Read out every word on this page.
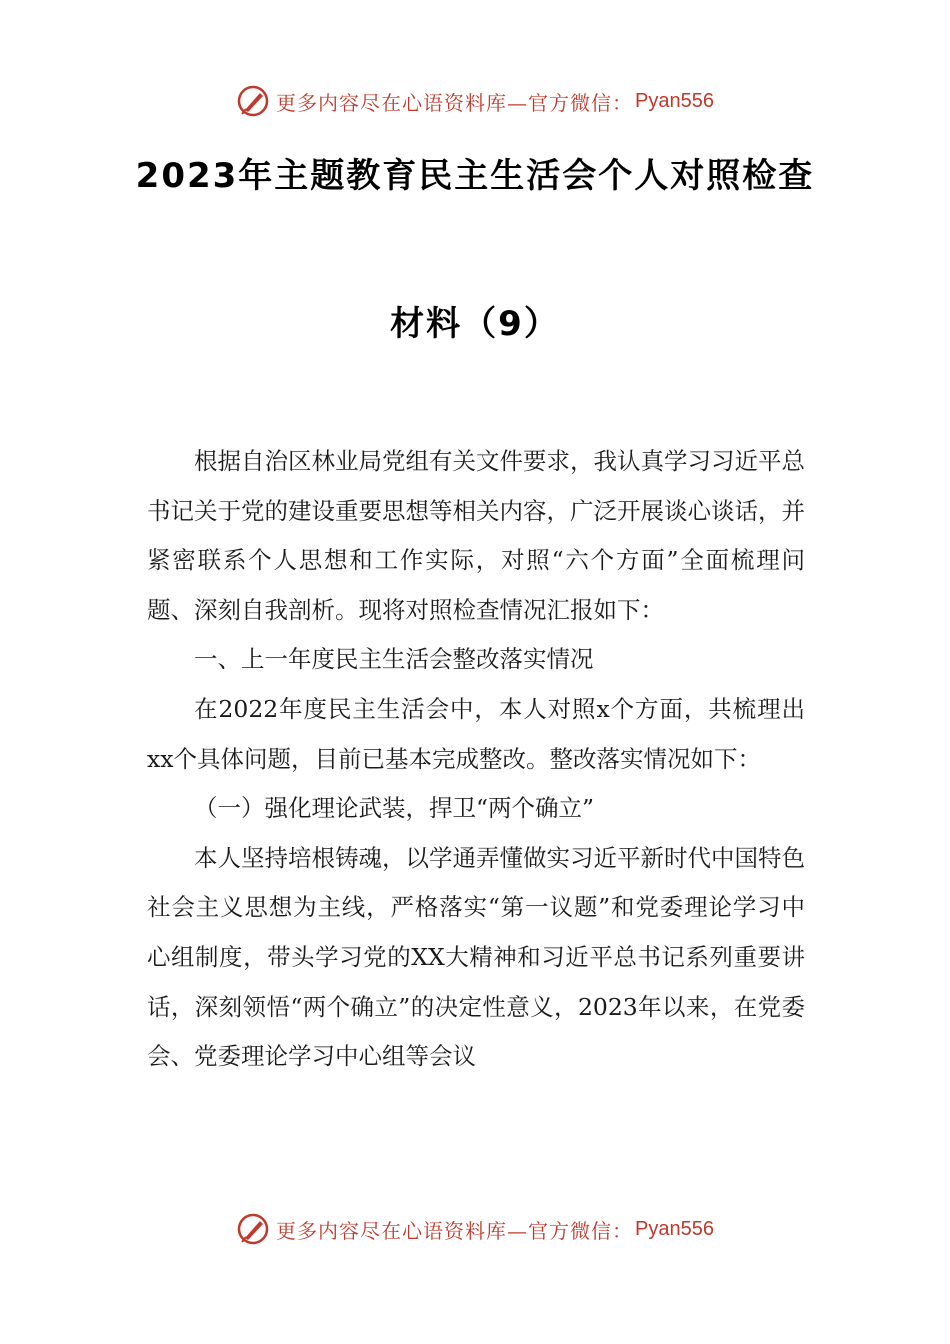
更多内容尽在心语资料库—官方微信： Pyan556
2023年主题教育民主生活会个人对照检查
材料（9）

根据自治区林业局党组有关文件要求，我认真学习习近平总书记关于党的建设重要思想等相关内容，广泛开展谈心谈话，并紧密联系个人思想和工作实际，对照“六个方面”全面梳理问题、深刻自我剖析。现将对照检查情况汇报如下：

一、上一年度民主生活会整改落实情况

在2022年度民主生活会中，本人对照x个方面，共梳理出xx个具体问题，目前已基本完成整改。整改落实情况如下：

（一）强化理论武装，捍卫“两个确立”

本人坚持培根铸魂，以学通弄懂做实习近平新时代中国特色社会主义思想为主线，严格落实“第一议题”和党委理论学习中心组制度，带头学习党的XX大精神和习近平总书记系列重要讲话，深刻领悟“两个确立”的决定性意义，2023年以来，在党委会、党委理论学习中心组等会议

更多内容尽在心语资料库—官方微信： Pyan556
